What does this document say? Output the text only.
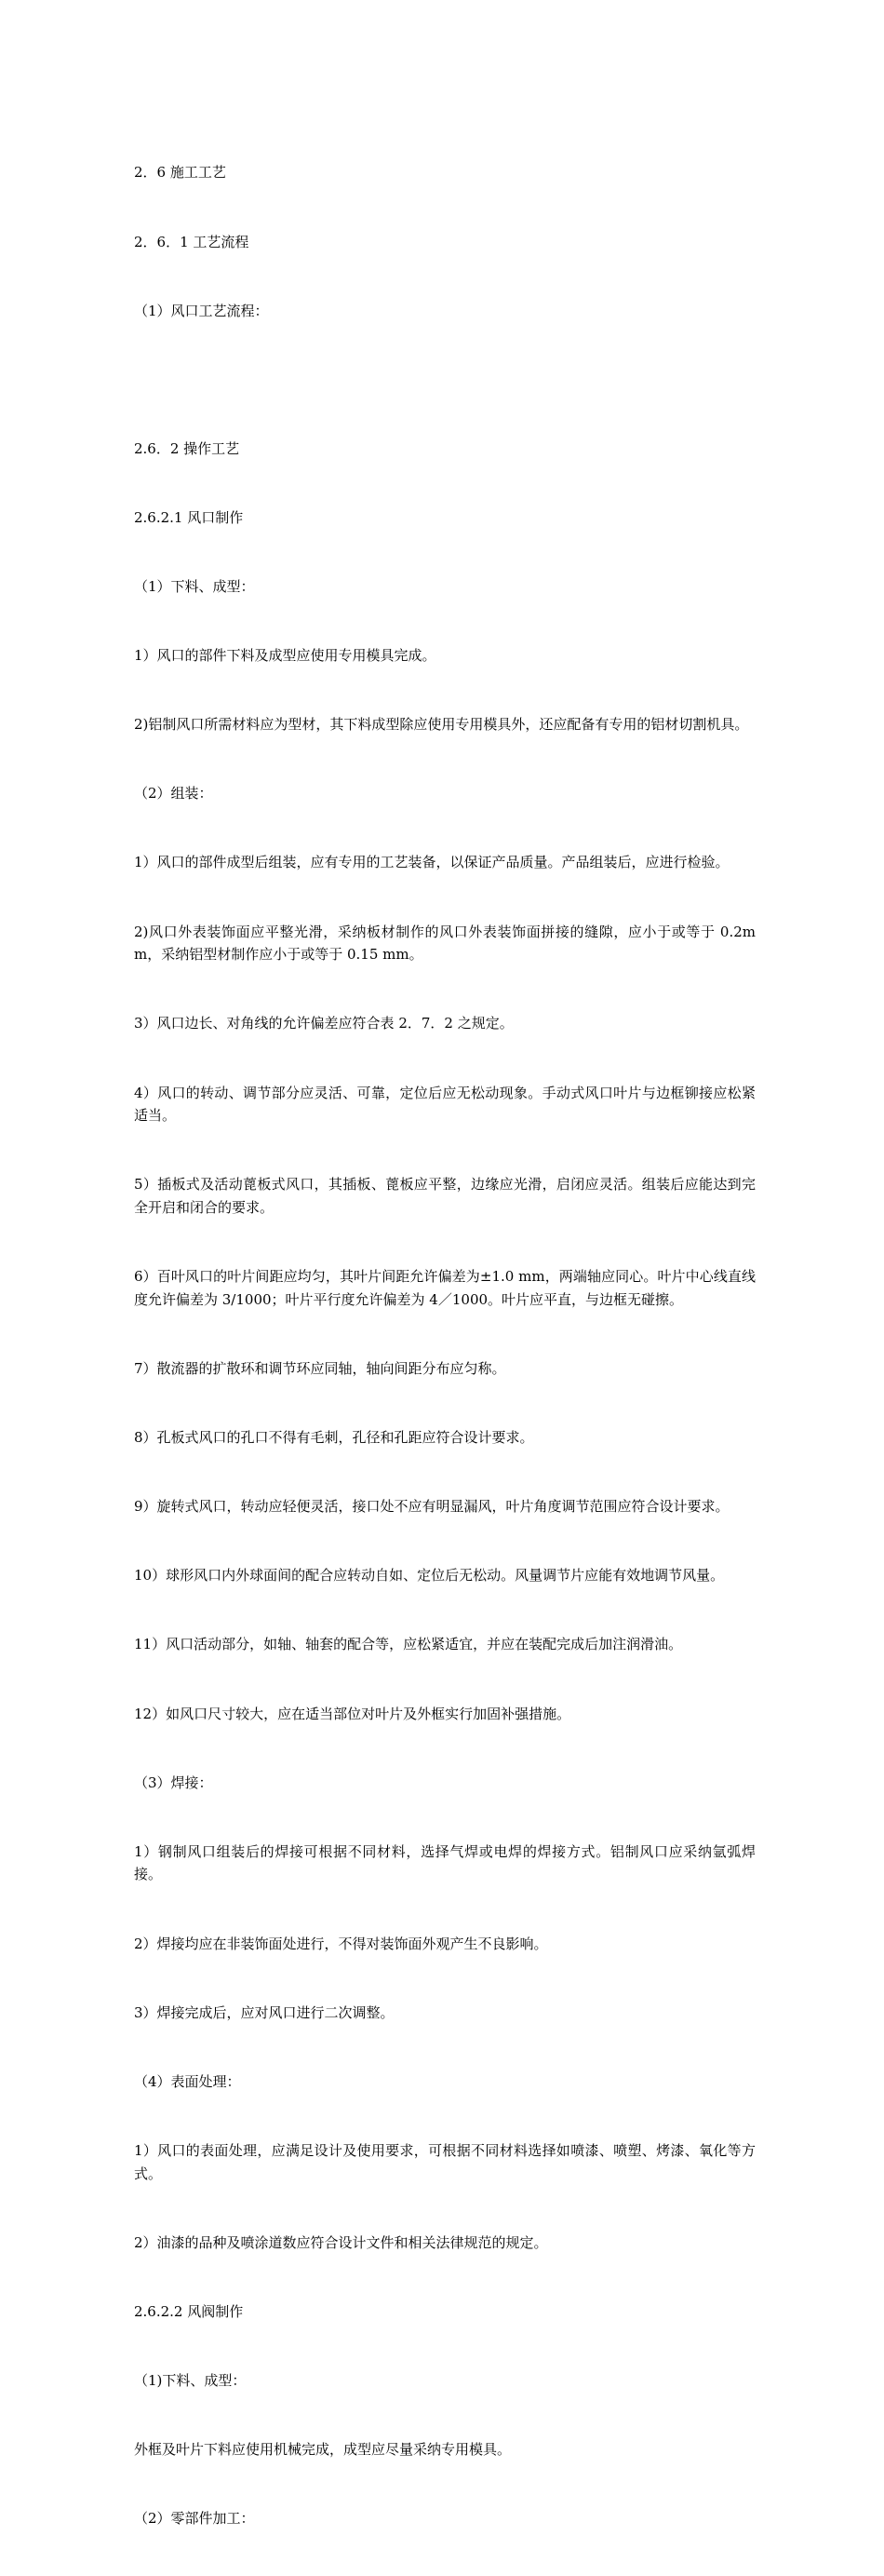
2．6 施工工艺

2．6．1 工艺流程

（1）风口工艺流程：

2.6．2 操作工艺

2.6.2.1 风口制作

（1）下料、成型：

1）风口的部件下料及成型应使用专用模具完成。

2)铝制风口所需材料应为型材，其下料成型除应使用专用模具外，还应配备有专用的铝材切割机具。

（2）组装：

1）风口的部件成型后组装，应有专用的工艺装备，以保证产品质量。产品组装后，应进行检验。

2)风口外表装饰面应平整光滑，采纳板材制作的风口外表装饰面拼接的缝隙，应小于或等于 0.2mm，采纳铝型材制作应小于或等于 0.15 mm。

3）风口边长、对角线的允许偏差应符合表 2．7．2 之规定。

4）风口的转动、调节部分应灵活、可靠，定位后应无松动现象。手动式风口叶片与边框铆接应松紧适当。

5）插板式及活动蓖板式风口，其插板、蓖板应平整，边缘应光滑，启闭应灵活。组装后应能达到完全开启和闭合的要求。

6）百叶风口的叶片间距应均匀，其叶片间距允许偏差为±1.0 mm，两端轴应同心。叶片中心线直线度允许偏差为 3/1000；叶片平行度允许偏差为 4／1000。叶片应平直，与边框无碰擦。

7）散流器的扩散环和调节环应同轴，轴向间距分布应匀称。

8）孔板式风口的孔口不得有毛刺，孔径和孔距应符合设计要求。

9）旋转式风口，转动应轻便灵活，接口处不应有明显漏风，叶片角度调节范围应符合设计要求。

10）球形风口内外球面间的配合应转动自如、定位后无松动。风量调节片应能有效地调节风量。

11）风口活动部分，如轴、轴套的配合等，应松紧适宜，并应在装配完成后加注润滑油。

12）如风口尺寸较大，应在适当部位对叶片及外框实行加固补强措施。

（3）焊接：

1）钢制风口组装后的焊接可根据不同材料，选择气焊或电焊的焊接方式。铝制风口应采纳氩弧焊接。

2）焊接均应在非装饰面处进行，不得对装饰面外观产生不良影响。

3）焊接完成后，应对风口进行二次调整。

（4）表面处理：

1）风口的表面处理，应满足设计及使用要求，可根据不同材料选择如喷漆、喷塑、烤漆、氧化等方式。

2）油漆的品种及喷涂道数应符合设计文件和相关法律规范的规定。

2.6.2.2 风阀制作

（1)下料、成型：

外框及叶片下料应使用机械完成，成型应尽量采纳专用模具。

（2）零部件加工：
